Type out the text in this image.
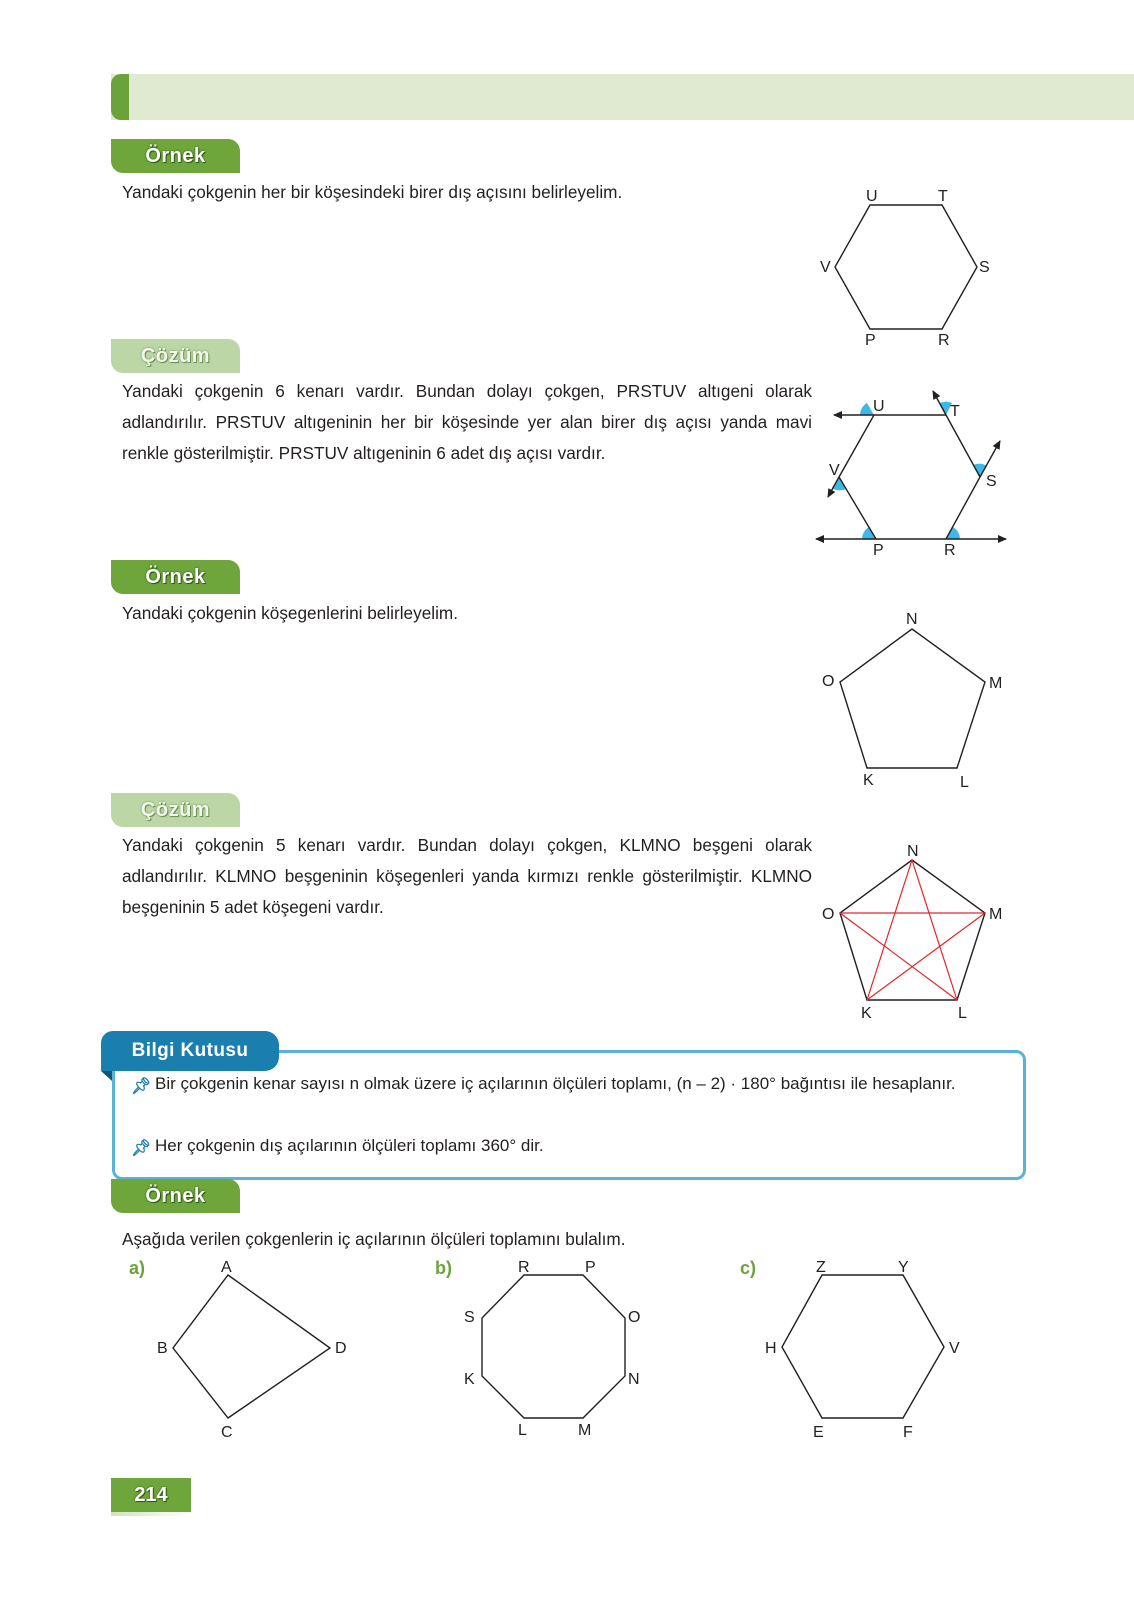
Örnek
Yandaki çokgenin her bir köşesindeki birer dış açısını belirleyelim.	U	T
V	S
P	R
Çözüm
Yandaki çokgenin 6 kenarı vardır. Bundan dolayı çokgen, PRSTUV altıgeni olarak adlandırılır. PRSTUV altıgeninin her bir köşesinde yer alan birer dış açısı yanda mavi renkle gösterilmiştir. PRSTUV altıgeninin 6 adet dış açısı vardır.
U	T
V
S
P	R
Örnek
Yandaki çokgenin köşegenlerini belirleyelim.	N
O	M
K	L
Çözüm
Yandaki çokgenin 5 kenarı vardır. Bundan dolayı çokgen, KLMNO beşgeni olarak adlandırılır. KLMNO beşgeninin köşegenleri yanda kırmızı renkle gösterilmiştir. KLMNO beşgeninin 5 adet köşegeni vardır.
N
O	M
K	L
Bilgi Kutusu
📌︎ Bir çokgenin kenar sayısı n olmak üzere iç açılarının ölçüleri toplamı, (n – 2) · 180° bağıntısı ile hesaplanır.
📌︎ Her çokgenin dış açılarının ölçüleri toplamı 360° dir.
Örnek
Aşağıda verilen çokgenlerin iç açılarının ölçüleri toplamını bulalım.
a)	b)	c)
A
B
C
D
R	P
S	O
K	N
L	M
Z	Y
H	V
E	F
214
